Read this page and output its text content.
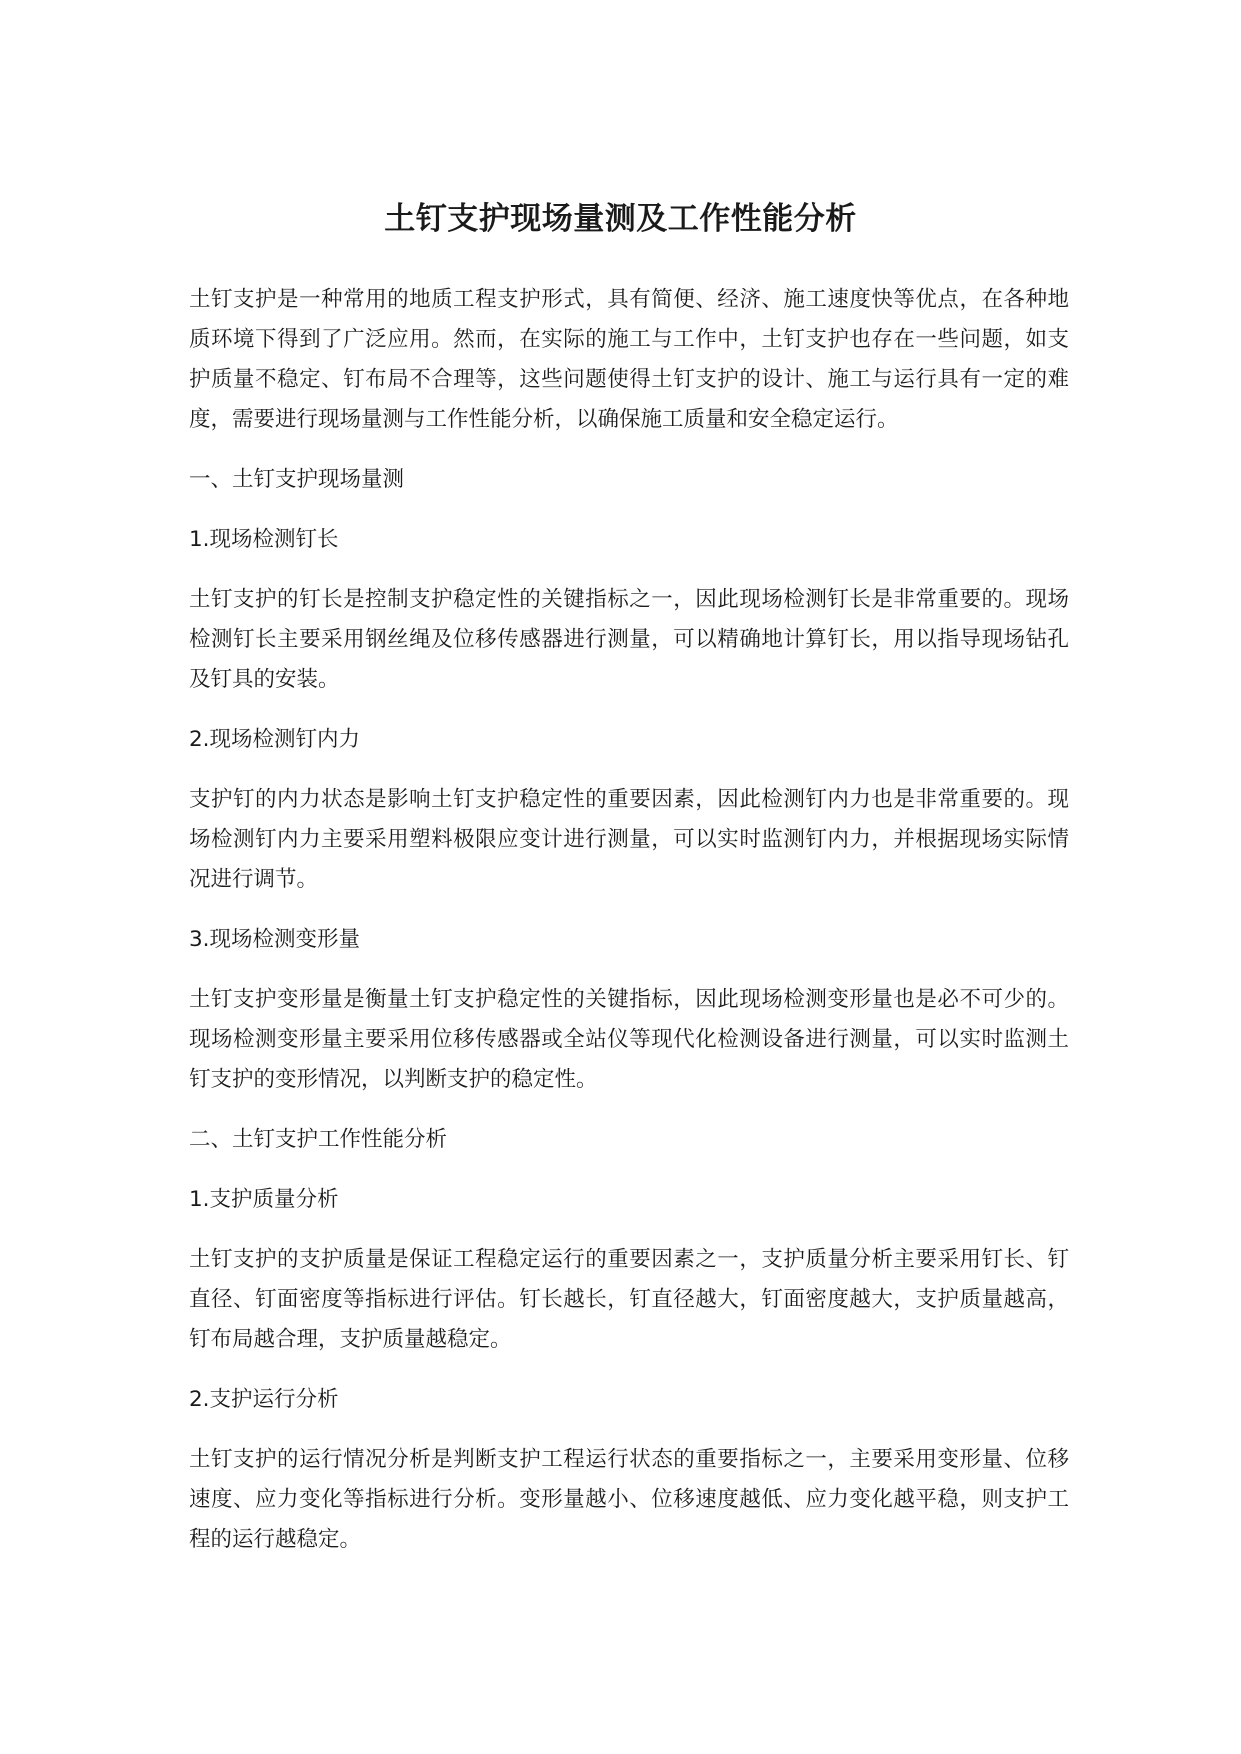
土钉支护现场量测及工作性能分析

土钉支护是一种常用的地质工程支护形式，具有简便、经济、施工速度快等优点，在各种地质环境下得到了广泛应用。然而，在实际的施工与工作中，土钉支护也存在一些问题，如支护质量不稳定、钉布局不合理等，这些问题使得土钉支护的设计、施工与运行具有一定的难度，需要进行现场量测与工作性能分析，以确保施工质量和安全稳定运行。

一、土钉支护现场量测

1.现场检测钉长

土钉支护的钉长是控制支护稳定性的关键指标之一，因此现场检测钉长是非常重要的。现场检测钉长主要采用钢丝绳及位移传感器进行测量，可以精确地计算钉长，用以指导现场钻孔及钉具的安装。

2.现场检测钉内力

支护钉的内力状态是影响土钉支护稳定性的重要因素，因此检测钉内力也是非常重要的。现场检测钉内力主要采用塑料极限应变计进行测量，可以实时监测钉内力，并根据现场实际情况进行调节。

3.现场检测变形量

土钉支护变形量是衡量土钉支护稳定性的关键指标，因此现场检测变形量也是必不可少的。现场检测变形量主要采用位移传感器或全站仪等现代化检测设备进行测量，可以实时监测土钉支护的变形情况，以判断支护的稳定性。

二、土钉支护工作性能分析

1.支护质量分析

土钉支护的支护质量是保证工程稳定运行的重要因素之一，支护质量分析主要采用钉长、钉直径、钉面密度等指标进行评估。钉长越长，钉直径越大，钉面密度越大，支护质量越高，钉布局越合理，支护质量越稳定。

2.支护运行分析

土钉支护的运行情况分析是判断支护工程运行状态的重要指标之一，主要采用变形量、位移速度、应力变化等指标进行分析。变形量越小、位移速度越低、应力变化越平稳，则支护工程的运行越稳定。
